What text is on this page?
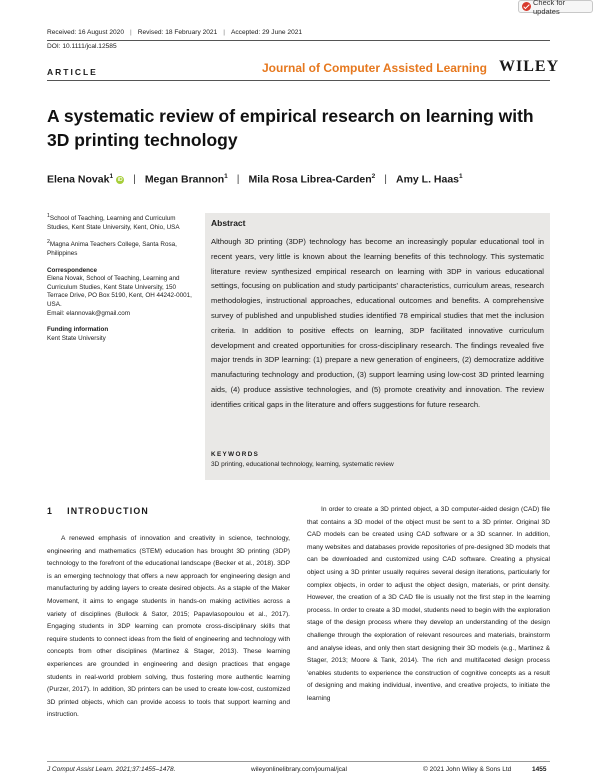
Check for updates
Received: 16 August 2020 | Revised: 18 February 2021 | Accepted: 29 June 2021
DOI: 10.1111/jcal.12585
ARTICLE	Journal of Computer Assisted Learning WILEY
A systematic review of empirical research on learning with 3D printing technology
Elena Novak$^1$ iD | Megan Brannon$^1$ | Mila Rosa Librea-Carden$^2$ | Amy L. Haas$^1$

$^1$School of Teaching, Learning and Curriculum Studies, Kent State University, Kent, Ohio, USA

$^2$Magna Anima Teachers College, Santa Rosa, Philippines

Correspondence

Elena Novak, School of Teaching, Learning and Curriculum Studies, Kent State University, 150 Terrace Drive, PO Box 5190, Kent, OH 44242-0001, USA.
Email: elannovak@gmail.com

Funding information

Kent State University

Abstract
Although 3D printing (3DP) technology has become an increasingly popular educational tool in recent years, very little is known about the learning benefits of this technology. This systematic literature review synthesized empirical research on learning with 3DP in various educational settings, focusing on publication and study participants' characteristics, curriculum areas, research methodologies, instructional approaches, educational outcomes and benefits. A comprehensive survey of published and unpublished studies identified 78 empirical studies that met the inclusion criteria. In addition to positive effects on learning, 3DP facilitated innovative curriculum development and created opportunities for cross-disciplinary research. The findings revealed five major trends in 3DP learning: (1) prepare a new generation of engineers, (2) democratize additive manufacturing technology and production, (3) support learning using low-cost 3D printed learning aids, (4) produce assistive technologies, and (5) promote creativity and innovation. The review identifies critical gaps in the literature and offers suggestions for future research.
KEYWORDS
3D printing, educational technology, learning, systematic review
1 INTRODUCTION
A renewed emphasis of innovation and creativity in science, technology, engineering and mathematics (STEM) education has brought 3D printing (3DP) technology to the forefront of the educational landscape (Becker et al., 2018). 3DP is an emerging technology that offers a new approach for engineering design and manufacturing by adding layers to create desired objects. As a staple of the Maker Movement, it aims to engage students in hands-on making activities across a variety of disciplines (Bullock & Sator, 2015; Papavlasopoulou et al., 2017). Engaging students in 3DP learning can promote cross-disciplinary skills that require students to connect ideas from the field of engineering and technology with concepts from other disciplines (Martinez & Stager, 2013). These learning experiences are grounded in engineering and design practices that engage students in real-world problem solving, thus fostering more authentic learning (Purzer, 2017). In addition, 3D printers can be used to create low-cost, customized 3D printed objects, which can provide access to tools that support learning and instruction.
In order to create a 3D printed object, a 3D computer-aided design (CAD) file that contains a 3D model of the object must be sent to a 3D printer. Original 3D CAD models can be created using CAD software or a 3D scanner. In addition, many websites and databases provide repositories of pre-designed 3D models that can be downloaded and customized using CAD software. Creating a physical object using a 3D printer usually requires several design iterations, particularly for complex objects, in order to adjust the object design, materials, or print density. However, the creation of a 3D CAD file is usually not the first step in the learning process. In order to create a 3D model, students need to begin with the exploration stage of the design process where they develop an understanding of the design challenge through the exploration of relevant resources and materials, brainstorm and analyse ideas, and only then start designing their 3D models (e.g., Martinez & Stager, 2013; Moore & Tank, 2014). The rich and multifaceted design process 'enables students to experience the construction of cognitive concepts as a result of designing and making individual, inventive, and creative projects, to initiate the learning
J Comput Assist Learn. 2021;37:1455–1478.	wileyonlinelibrary.com/journal/jcal	© 2021 John Wiley & Sons Ltd	1455
